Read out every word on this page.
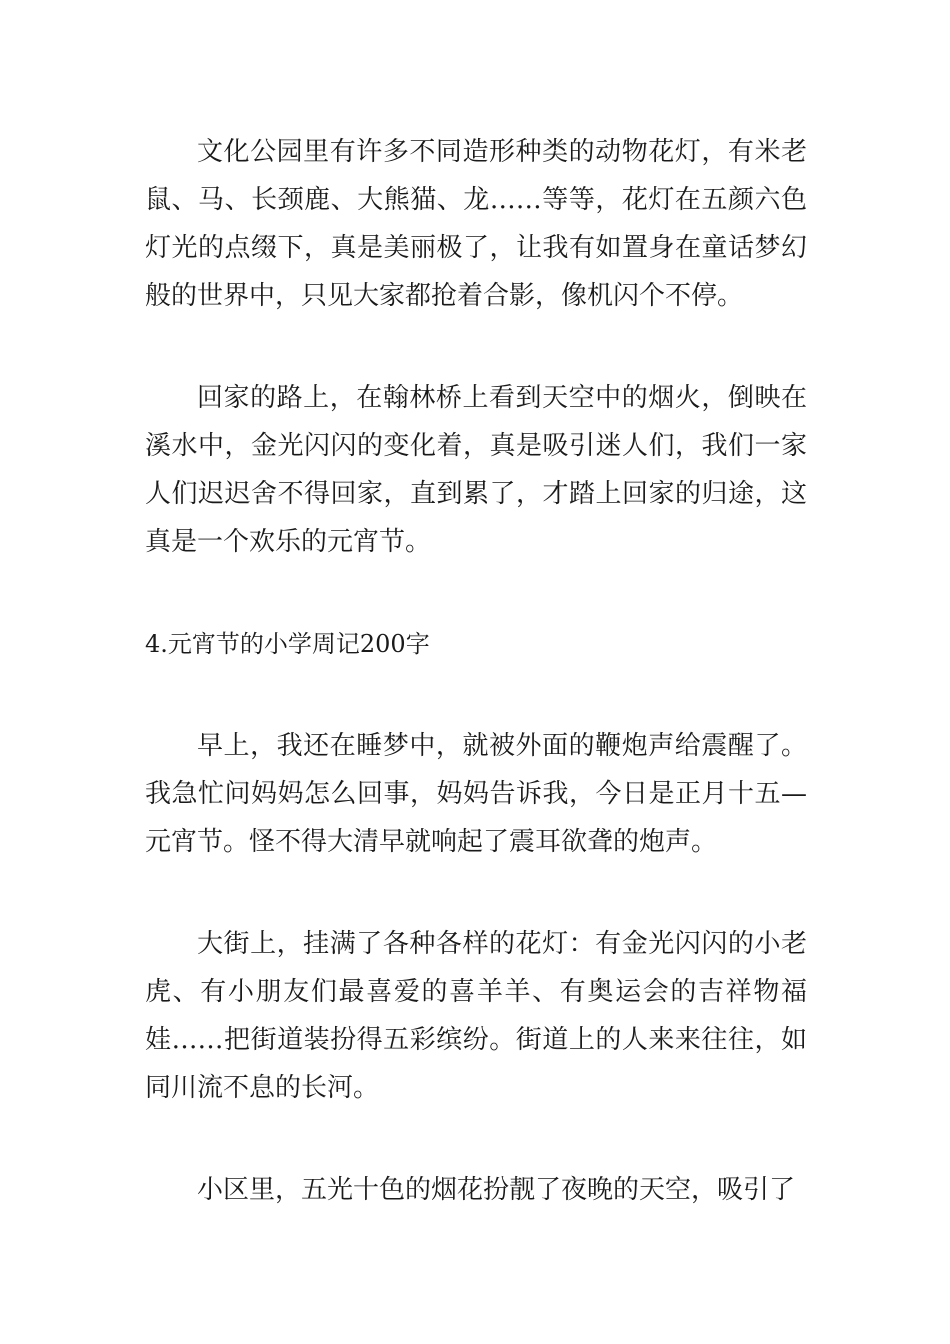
文化公园里有许多不同造形种类的动物花灯，有米老鼠、马、长颈鹿、大熊猫、龙……等等，花灯在五颜六色灯光的点缀下，真是美丽极了，让我有如置身在童话梦幻般的世界中，只见大家都抢着合影，像机闪个不停。

回家的路上，在翰林桥上看到天空中的烟火，倒映在溪水中，金光闪闪的变化着，真是吸引迷人们，我们一家人们迟迟舍不得回家，直到累了，才踏上回家的归途，这真是一个欢乐的元宵节。

4.元宵节的小学周记200字

早上，我还在睡梦中，就被外面的鞭炮声给震醒了。我急忙问妈妈怎么回事，妈妈告诉我，今日是正月十五—元宵节。怪不得大清早就响起了震耳欲聋的炮声。

大街上，挂满了各种各样的花灯：有金光闪闪的小老虎、有小朋友们最喜爱的喜羊羊、有奥运会的吉祥物福娃……把街道装扮得五彩缤纷。街道上的人来来往往，如同川流不息的长河。

小区里，五光十色的烟花扮靓了夜晚的天空，吸引了
